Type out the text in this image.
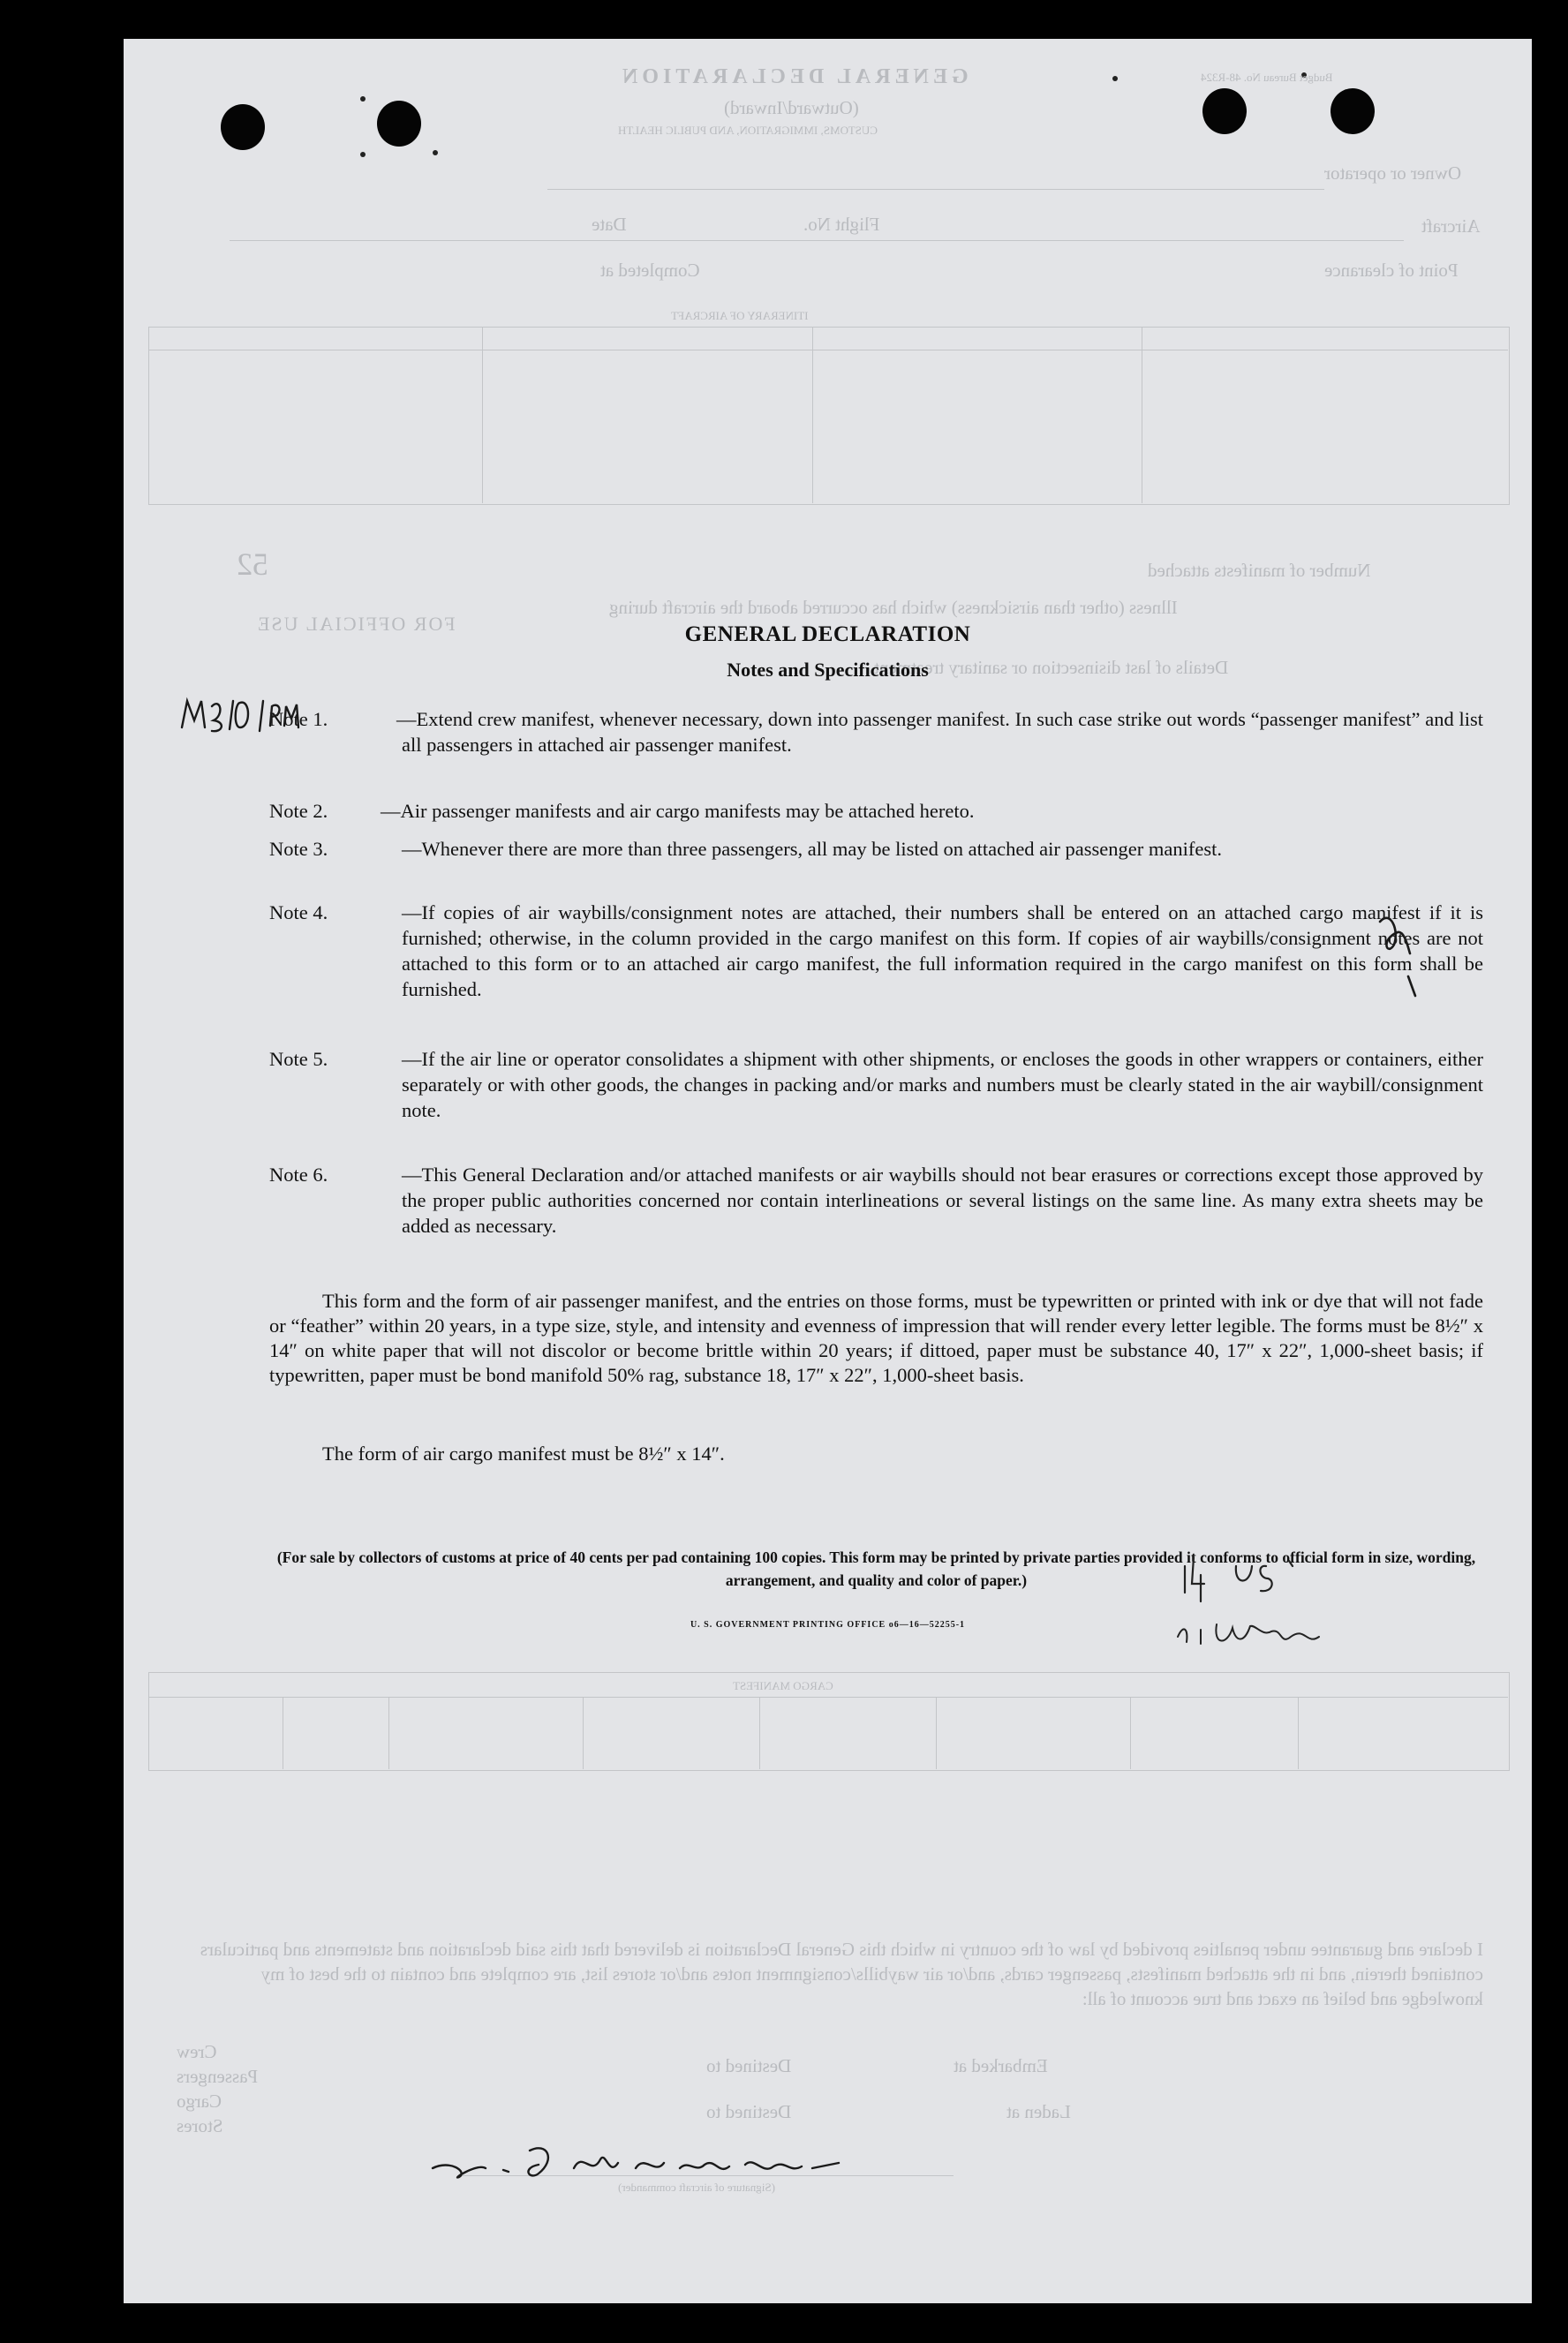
Budget Bureau No. 48-R324
GENERAL DECLARATION
(Outward/Inward)
CUSTOMS, IMMIGRATION, AND PUBLIC HEALTH
Owner or operator
Aircraft
Flight No.
Date
Point of clearance
Completed at
ITINERARY OF AIRCRAFT
52	Number of manifests attached
Illness (other than airsickness) which has occurred aboard the aircraft during
FOR OFFICIAL USE
Details of last disinsection or sanitary treatment
CARGO MANIFEST
I declare and guarantee under penalties provided by law of the country in which this General Declaration is delivered that this said declaration and statements and particulars contained therein, and in the attached manifests, passenger cards, and/or air waybills/consignment notes and/or stores list, are complete and contain to the best of my knowledge and belief an exact and true account of all:
Crew
Passengers
Cargo
Stores
Embarked at
Laden at
Destined to
Destined to
(Signature of aircraft commander)
GENERAL DECLARATION
Notes and Specifications
Note 1.	—Extend crew manifest, whenever necessary, down into passenger manifest. In such case strike out words “passenger manifest” and list all passengers in attached air passenger manifest.
Note 2.	—Air passenger manifests and air cargo manifests may be attached hereto.
Note 3.	—Whenever there are more than three passengers, all may be listed on attached air passenger manifest.
Note 4.	—If copies of air waybills/consignment notes are attached, their numbers shall be entered on an attached cargo manifest if it is furnished; otherwise, in the column provided in the cargo manifest on this form. If copies of air waybills/consignment notes are not attached to this form or to an attached air cargo manifest, the full information required in the cargo manifest on this form shall be furnished.
Note 5.	—If the air line or operator consolidates a shipment with other shipments, or encloses the goods in other wrappers or containers, either separately or with other goods, the changes in packing and/or marks and numbers must be clearly stated in the air waybill/consignment note.
Note 6.	—This General Declaration and/or attached manifests or air waybills should not bear erasures or corrections except those approved by the proper public authorities concerned nor contain interlineations or several listings on the same line. As many extra sheets may be added as necessary.
This form and the form of air passenger manifest, and the entries on those forms, must be typewritten or printed with ink or dye that will not fade or “feather” within 20 years, in a type size, style, and intensity and evenness of impression that will render every letter legible. The forms must be 8½″ x 14″ on white paper that will not discolor or become brittle within 20 years; if dittoed, paper must be substance 40, 17″ x 22″, 1,000-sheet basis; if typewritten, paper must be bond manifold 50% rag, substance 18, 17″ x 22″, 1,000-sheet basis.
The form of air cargo manifest must be 8½″ x 14″.
(For sale by collectors of customs at price of 40 cents per pad containing 100 copies. This form may be printed by private parties provided it conforms to official form in size, wording, arrangement, and quality and color of paper.)
U. S. GOVERNMENT PRINTING OFFICE o6—16—52255-1
